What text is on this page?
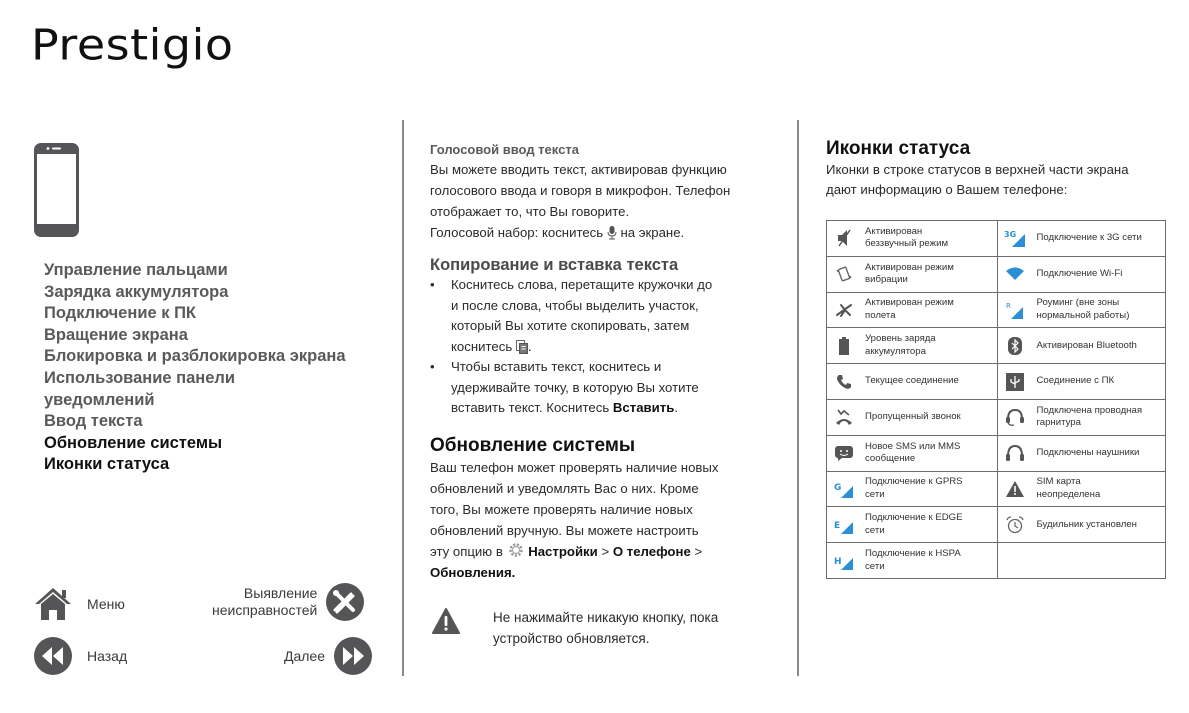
Prestigio
Управление пальцами
Зарядка аккумулятора
Подключение к ПК
Вращение экрана
Блокировка и разблокировка экрана
Использование панели
уведомлений
Ввод текста
Обновление системы
Иконки статуса
Меню
Выявление
неисправностей
Назад	Далее
Голосовой ввод текста

Вы можете вводить текст, активировав функцию
голосового ввода и говоря в микрофон. Телефон
отображает то, что Вы говорите.
Голосовой набор: коснитесь на экране.

Копирование и вставка текста
• Коснитесь слова, перетащите кружочки до
и после слова, чтобы выделить участок,
который Вы хотите скопировать, затем
коснитесь .
• Чтобы вставить текст, коснитесь и
удерживайте точку, в которую Вы хотите
вставить текст. Коснитесь Вставить.
Обновление системы

Ваш телефон может проверять наличие новых
обновлений и уведомлять Вас о них. Кроме
того, Вы можете проверять наличие новых
обновлений вручную. Вы можете настроить
эту опцию в Настройки > О телефоне >
Обновления.

Не нажимайте никакую кнопку, пока
устройство обновляется.
Иконки статуса

Иконки в строке статусов в верхней части экрана
дают информацию о Вашем телефоне:

Активирован
беззвучный режим	3G Подключение к 3G сети

Активирован режим
вибрации	Подключение Wi-Fi

Активирован режим
полета	R Роуминг (вне зоны
нормальной работы)

Уровень заряда
аккумулятора	Активирован Bluetooth

Текущее соединение	Соединение с ПК

Пропущенный звонок	Подключена проводная
гарнитура

Новое SMS или MMS
сообщение	Подключены наушники

G
Подключение к GPRS
сети	SIM карта
неопределена

E
Подключение к EDGE
сети	Будильник установлен

H
Подключение к HSPA
сети	
